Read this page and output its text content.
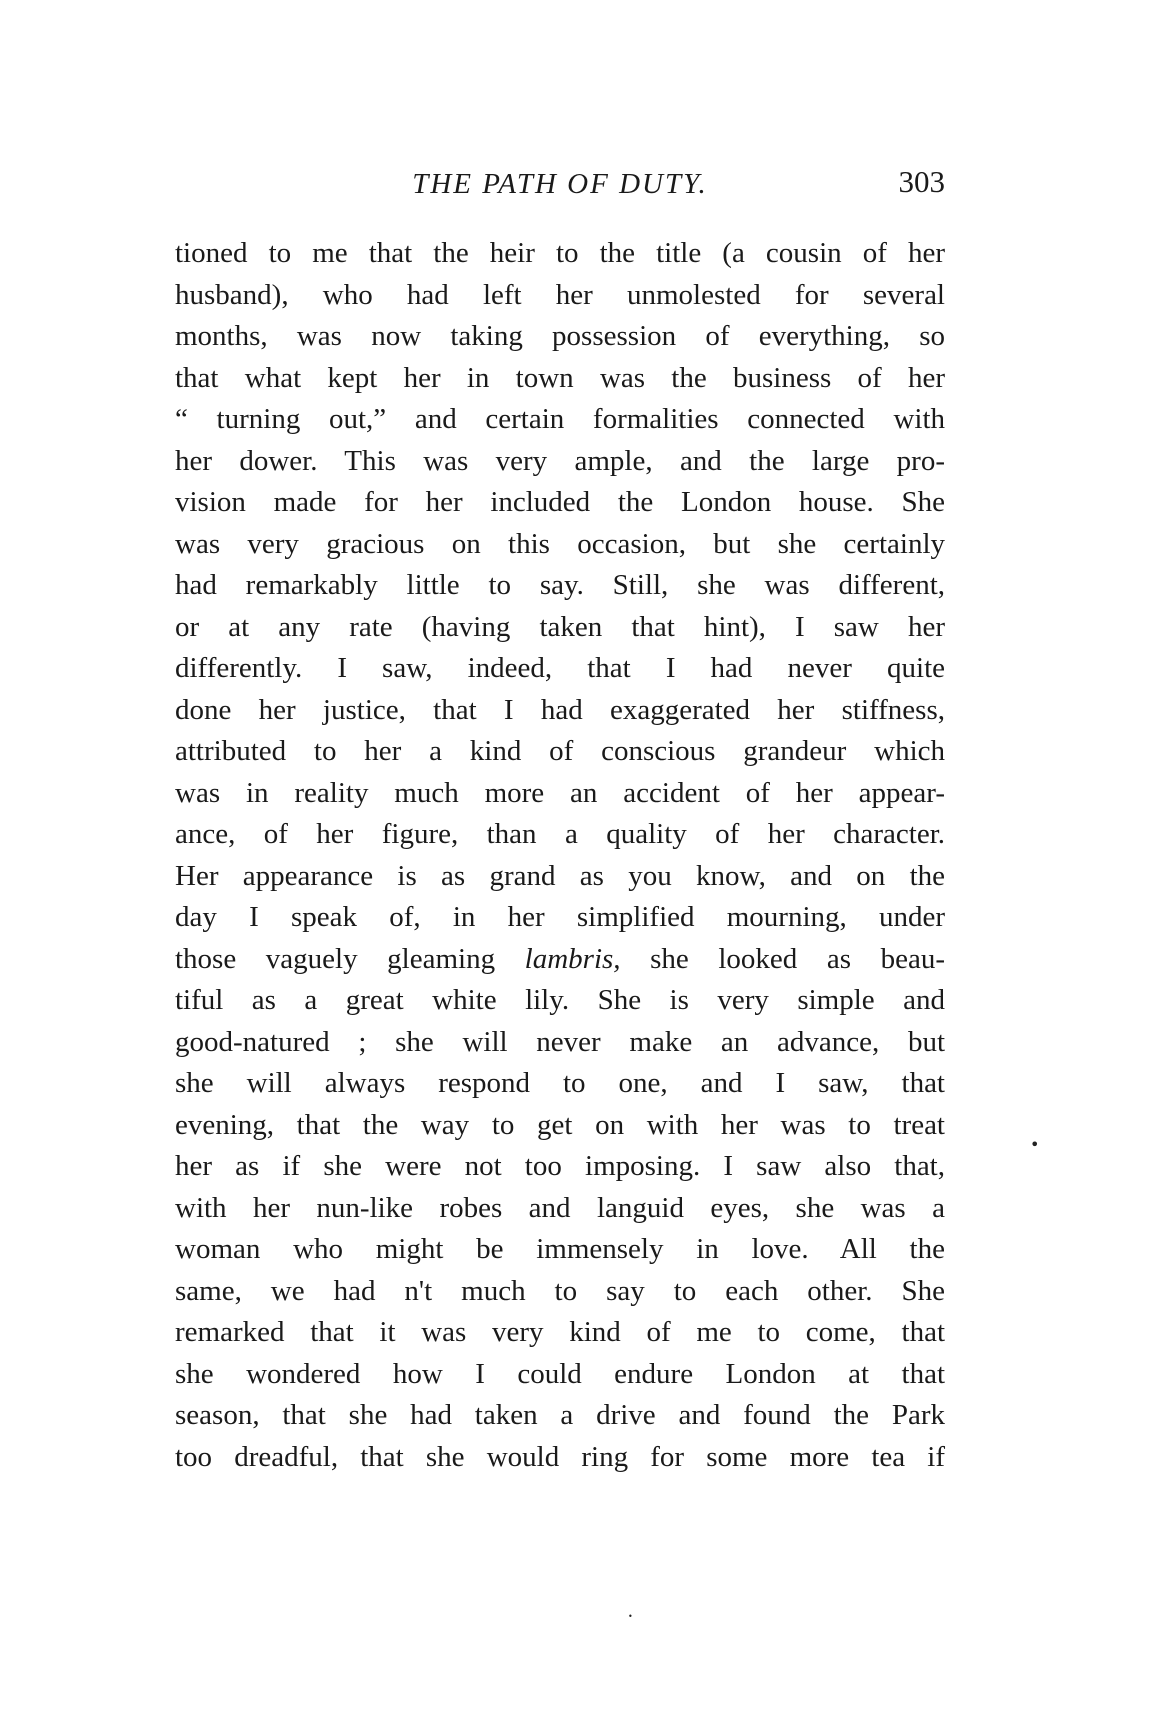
THE PATH OF DUTY.	303
tioned to me that the heir to the title (a cousin of her
husband), who had left her unmolested for several
months, was now taking possession of everything, so
that what kept her in town was the business of her
“ turning out,” and certain formalities connected with
her dower. This was very ample, and the large pro-
vision made for her included the London house. She
was very gracious on this occasion, but she certainly
had remarkably little to say. Still, she was different,
or at any rate (having taken that hint), I saw her
differently. I saw, indeed, that I had never quite
done her justice, that I had exaggerated her stiffness,
attributed to her a kind of conscious grandeur which
was in reality much more an accident of her appear-
ance, of her figure, than a quality of her character.
Her appearance is as grand as you know, and on the
day I speak of, in her simplified mourning, under
those vaguely gleaming lambris, she looked as beau-
tiful as a great white lily. She is very simple and
good-natured ; she will never make an advance, but
she will always respond to one, and I saw, that
evening, that the way to get on with her was to treat
her as if she were not too imposing. I saw also that,
with her nun-like robes and languid eyes, she was a
woman who might be immensely in love. All the
same, we had n't much to say to each other. She
remarked that it was very kind of me to come, that
she wondered how I could endure London at that
season, that she had taken a drive and found the Park
too dreadful, that she would ring for some more tea if
•
•
